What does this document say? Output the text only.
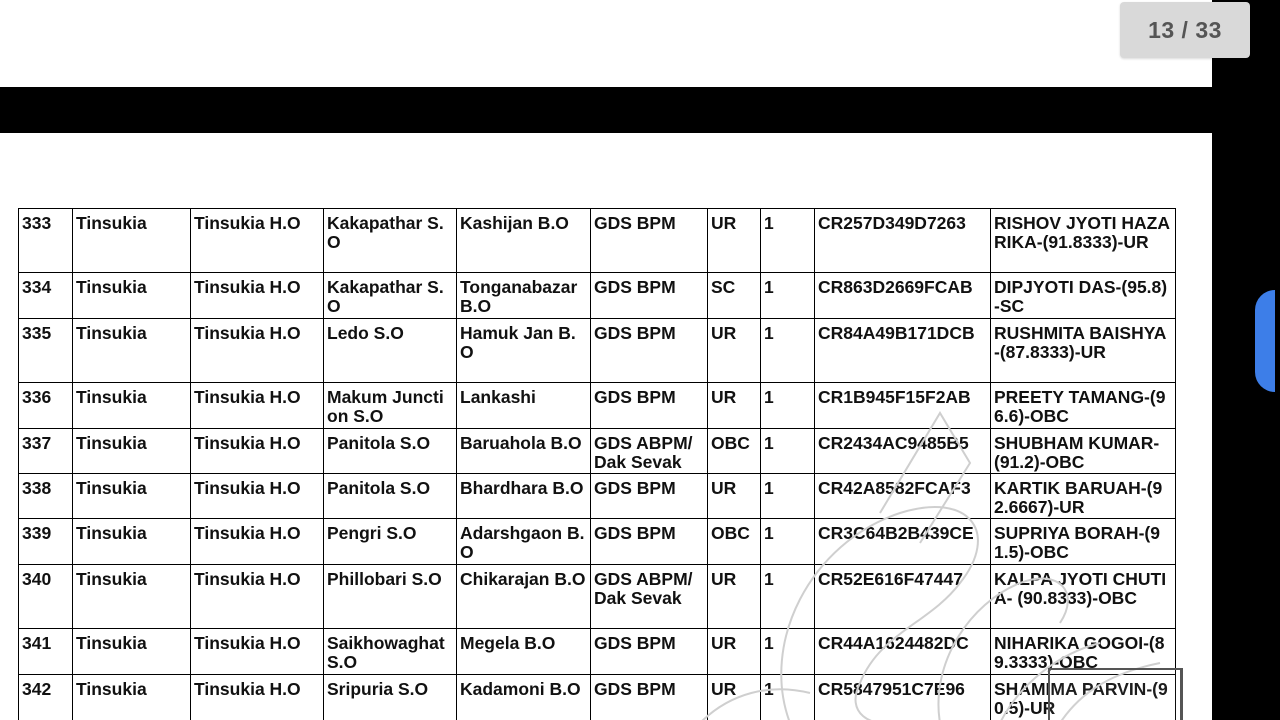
333	Tinsukia	Tinsukia H.O	Kakapathar S.O	Kashijan B.O	GDS BPM	UR	1	CR257D349D7263	RISHOV JYOTI HAZARIKA-(91.8333)-UR
334	Tinsukia	Tinsukia H.O	Kakapathar S.O	Tonganabazar B.O	GDS BPM	SC	1	CR863D2669FCAB	DIPJYOTI DAS-(95.8)-SC
335	Tinsukia	Tinsukia H.O	Ledo S.O	Hamuk Jan B.O	GDS BPM	UR	1	CR84A49B171DCB	RUSHMITA BAISHYA-(87.8333)-UR
336	Tinsukia	Tinsukia H.O	Makum Junction S.O	Lankashi	GDS BPM	UR	1	CR1B945F15F2AB	PREETY TAMANG-(96.6)-OBC
337	Tinsukia	Tinsukia H.O	Panitola S.O	Baruahola B.O	GDS ABPM/ Dak Sevak	OBC	1	CR2434AC9485B5	SHUBHAM KUMAR-(91.2)-OBC
338	Tinsukia	Tinsukia H.O	Panitola S.O	Bhardhara B.O	GDS BPM	UR	1	CR42A8582FCAF3	KARTIK BARUAH-(92.6667)-UR
339	Tinsukia	Tinsukia H.O	Pengri S.O	Adarshgaon B.O	GDS BPM	OBC	1	CR3C64B2B439CE	SUPRIYA BORAH-(91.5)-OBC
340	Tinsukia	Tinsukia H.O	Phillobari S.O	Chikarajan B.O	GDS ABPM/ Dak Sevak	UR	1	CR52E616F47447	KALPA JYOTI CHUTIA- (90.8333)-OBC
341	Tinsukia	Tinsukia H.O	Saikhowaghat S.O	Megela B.O	GDS BPM	UR	1	CR44A1624482DC	NIHARIKA GOGOI-(89.3333)-OBC
342	Tinsukia	Tinsukia H.O	Sripuria S.O	Kadamoni B.O	GDS BPM	UR	1	CR5847951C7E96	SHAMIMA PARVIN-(90.5)-UR
13 / 33
